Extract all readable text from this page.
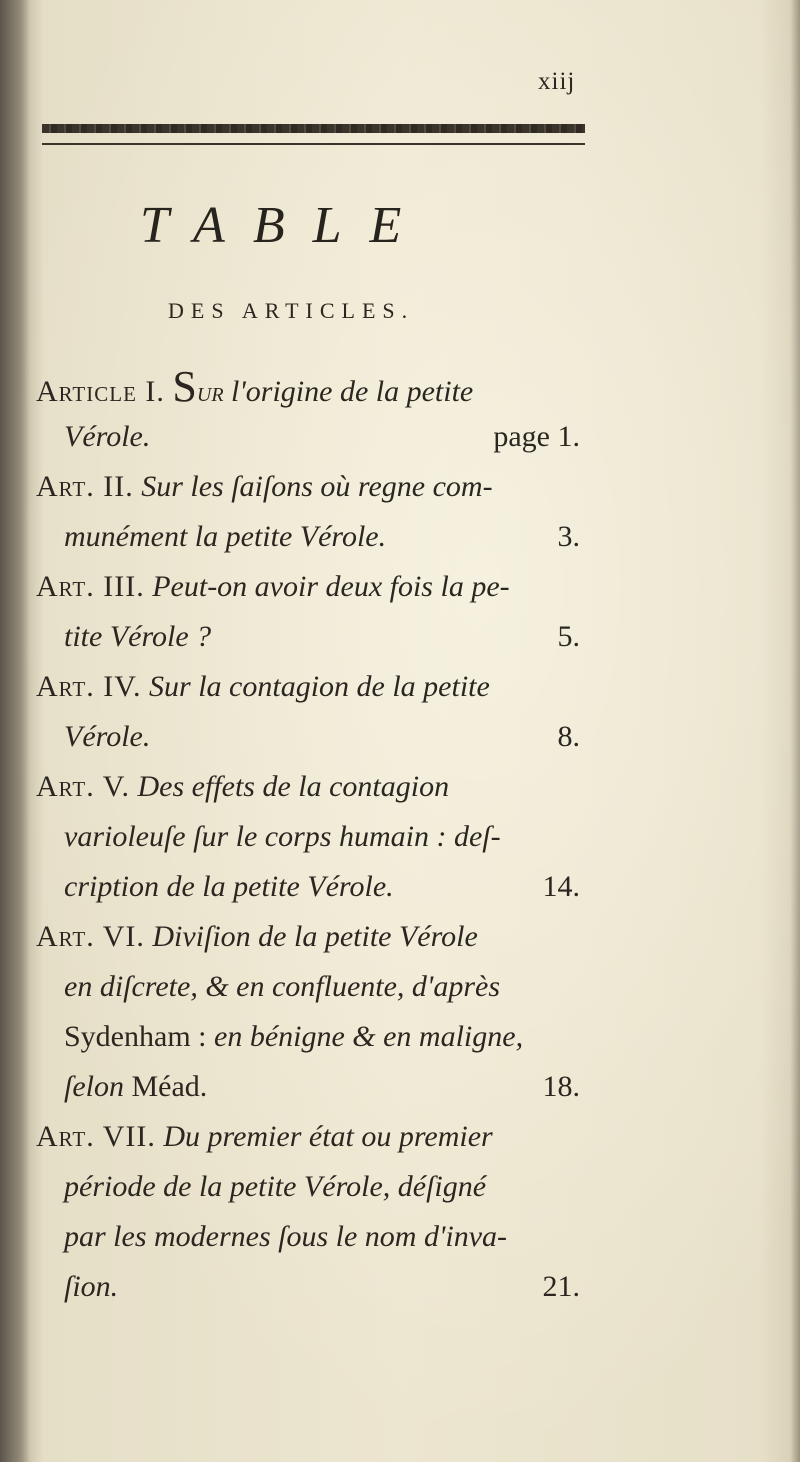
xiij
TABLE
DES ARTICLES.
Article I. Sur l'origine de la petite
Vérole.	page 1.
Art. II. Sur les ſaiſons où regne com-
munément la petite Vérole.	3.
Art. III. Peut-on avoir deux fois la pe-
tite Vérole ?	5.
Art. IV. Sur la contagion de la petite
Vérole.	8.
Art. V. Des effets de la contagion
varioleuſe ſur le corps humain : deſ-
cription de la petite Vérole.	14.
Art. VI. Diviſion de la petite Vérole
en diſcrete, & en confluente, d'après
Sydenham : en bénigne & en maligne,
ſelon Méad.	18.
Art. VII. Du premier état ou premier
période de la petite Vérole, déſigné
par les modernes ſous le nom d'inva-
ſion.	21.
